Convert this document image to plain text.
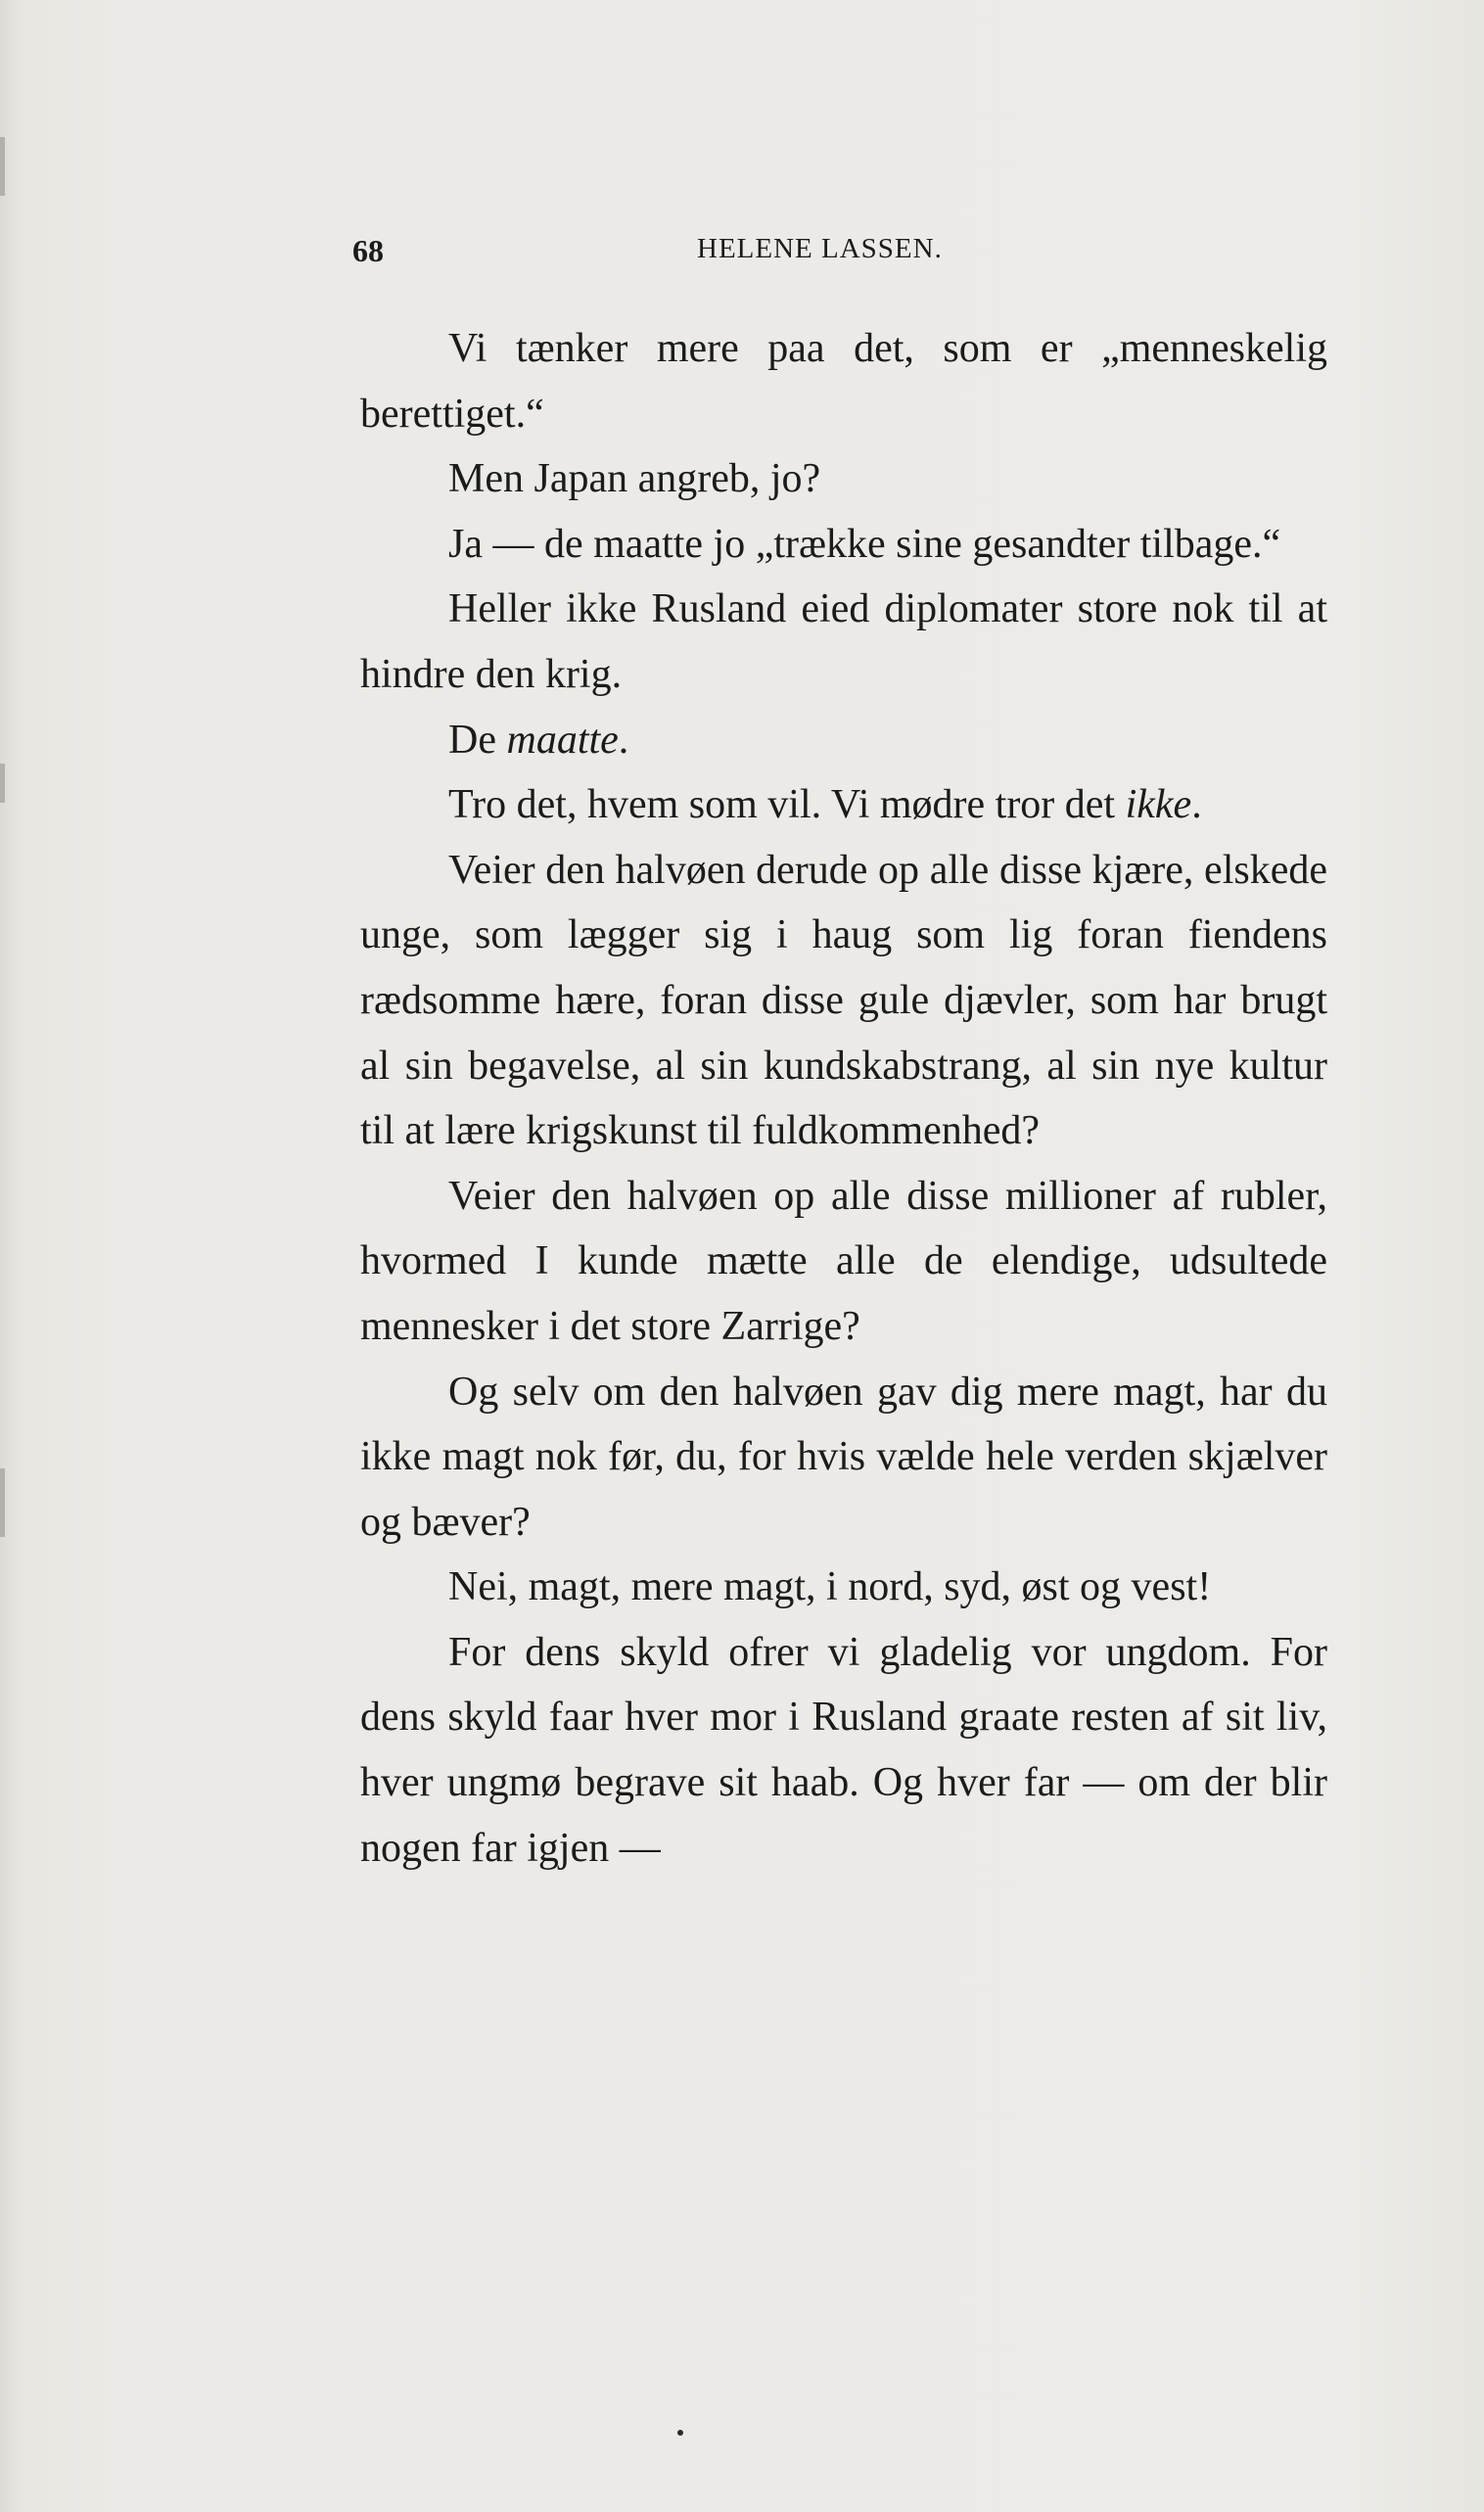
68	HELENE LASSEN.

Vi tænker mere paa det, som er „menneskelig berettiget.“

Men Japan angreb, jo?

Ja — de maatte jo „trække sine gesandter tilbage.“

Heller ikke Rusland eied diplomater store nok til at hindre den krig.

De maatte.

Tro det, hvem som vil. Vi mødre tror det ikke.

Veier den halvøen derude op alle disse kjære, elskede unge, som lægger sig i haug som lig foran fiendens rædsomme hære, foran disse gule djævler, som har brugt al sin begavelse, al sin kundskabstrang, al sin nye kultur til at lære krigskunst til fuldkommenhed?

Veier den halvøen op alle disse millioner af rubler, hvormed I kunde mætte alle de elendige, udsultede mennesker i det store Zarrige?

Og selv om den halvøen gav dig mere magt, har du ikke magt nok før, du, for hvis vælde hele verden skjælver og bæver?

Nei, magt, mere magt, i nord, syd, øst og vest!

For dens skyld ofrer vi gladelig vor ungdom. For dens skyld faar hver mor i Rusland graate resten af sit liv, hver ungmø begrave sit haab. Og hver far — om der blir nogen far igjen —
